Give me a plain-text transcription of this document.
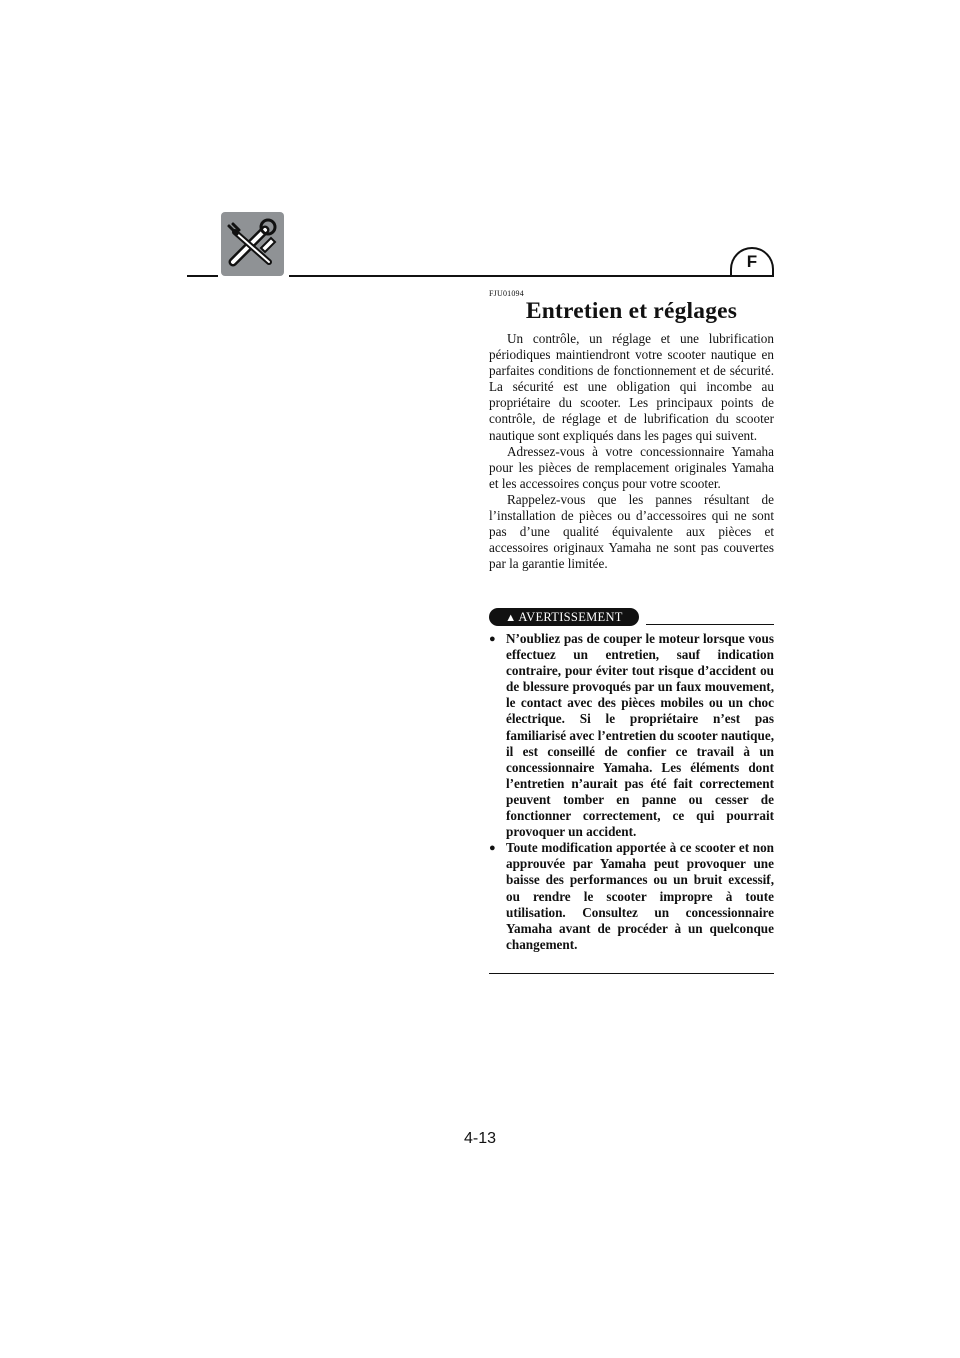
F
FJU01094
Entretien et réglages

Un contrôle, un réglage et une lubrification périodiques maintiendront votre scooter nautique en parfaites conditions de fonctionnement et de sécurité. La sécurité est une obligation qui incombe au propriétaire du scooter. Les principaux points de contrôle, de réglage et de lubrification du scooter nautique sont expliqués dans les pages qui suivent.

Adressez-vous à votre concessionnaire Yamaha pour les pièces de remplacement originales Yamaha et les accessoires conçus pour votre scooter.

Rappelez-vous que les pannes résultant de l’installation de pièces ou d’accessoires qui ne sont pas d’une qualité équivalente aux pièces et accessoires originaux Yamaha ne sont pas couvertes par la garantie limitée.

▲ AVERTISSEMENT
● N’oubliez pas de couper le moteur lorsque vous effectuez un entretien, sauf indication contraire, pour éviter tout risque d’accident ou de blessure provoqués par un faux mouvement, le contact avec des pièces mobiles ou un choc électrique. Si le propriétaire n’est pas familiarisé avec l’entretien du scooter nautique, il est conseillé de confier ce travail à un concessionnaire Yamaha. Les éléments dont l’entretien n’aurait pas été fait correctement peuvent tomber en panne ou cesser de fonctionner correctement, ce qui pourrait provoquer un accident.
● Toute modification apportée à ce scooter et non approuvée par Yamaha peut provoquer une baisse des performances ou un bruit excessif, ou rendre le scooter impropre à toute utilisation. Consultez un concessionnaire Yamaha avant de procéder à un quelconque changement.
4-13
